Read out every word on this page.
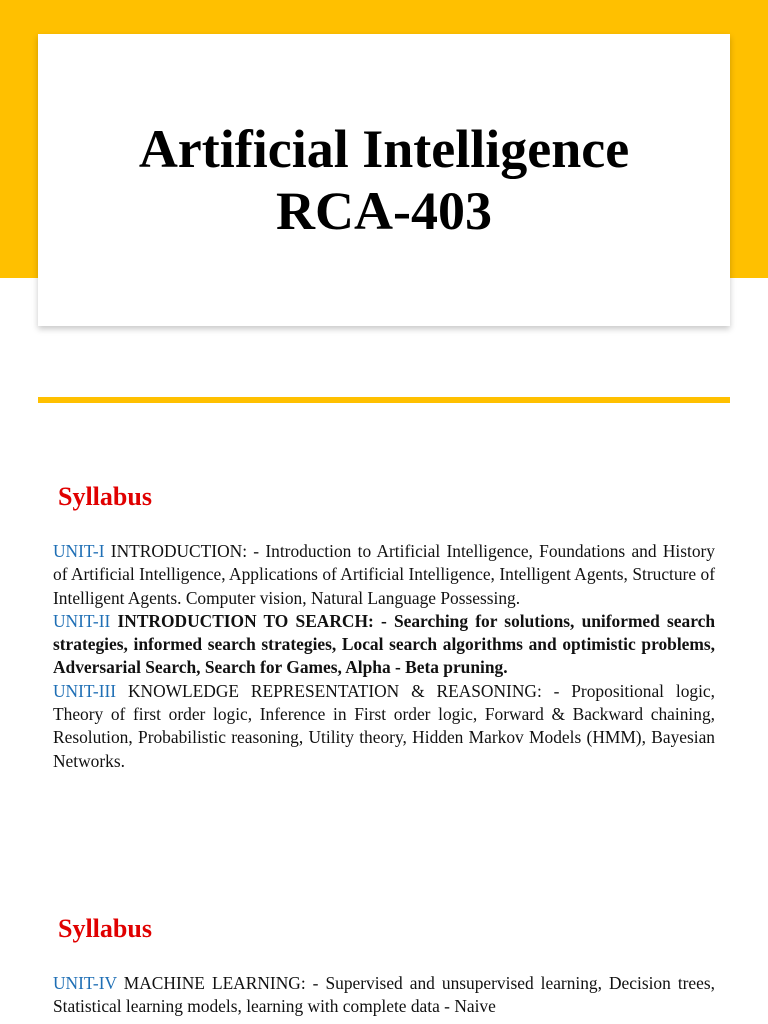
Artificial Intelligence
RCA-403
Syllabus

UNIT-I INTRODUCTION: - Introduction to Artificial Intelligence, Foundations and History of Artificial Intelligence, Applications of Artificial Intelligence, Intelligent Agents, Structure of Intelligent Agents. Computer vision, Natural Language Possessing.

UNIT-II INTRODUCTION TO SEARCH: - Searching for solutions, uniformed search strategies, informed search strategies, Local search algorithms and optimistic problems, Adversarial Search, Search for Games, Alpha - Beta pruning.

UNIT-III KNOWLEDGE REPRESENTATION & REASONING: - Propositional logic, Theory of first order logic, Inference in First order logic, Forward & Backward chaining, Resolution, Probabilistic reasoning, Utility theory, Hidden Markov Models (HMM), Bayesian Networks.

Syllabus

UNIT-IV MACHINE LEARNING: - Supervised and unsupervised learning, Decision trees, Statistical learning models, learning with complete data - Naive
